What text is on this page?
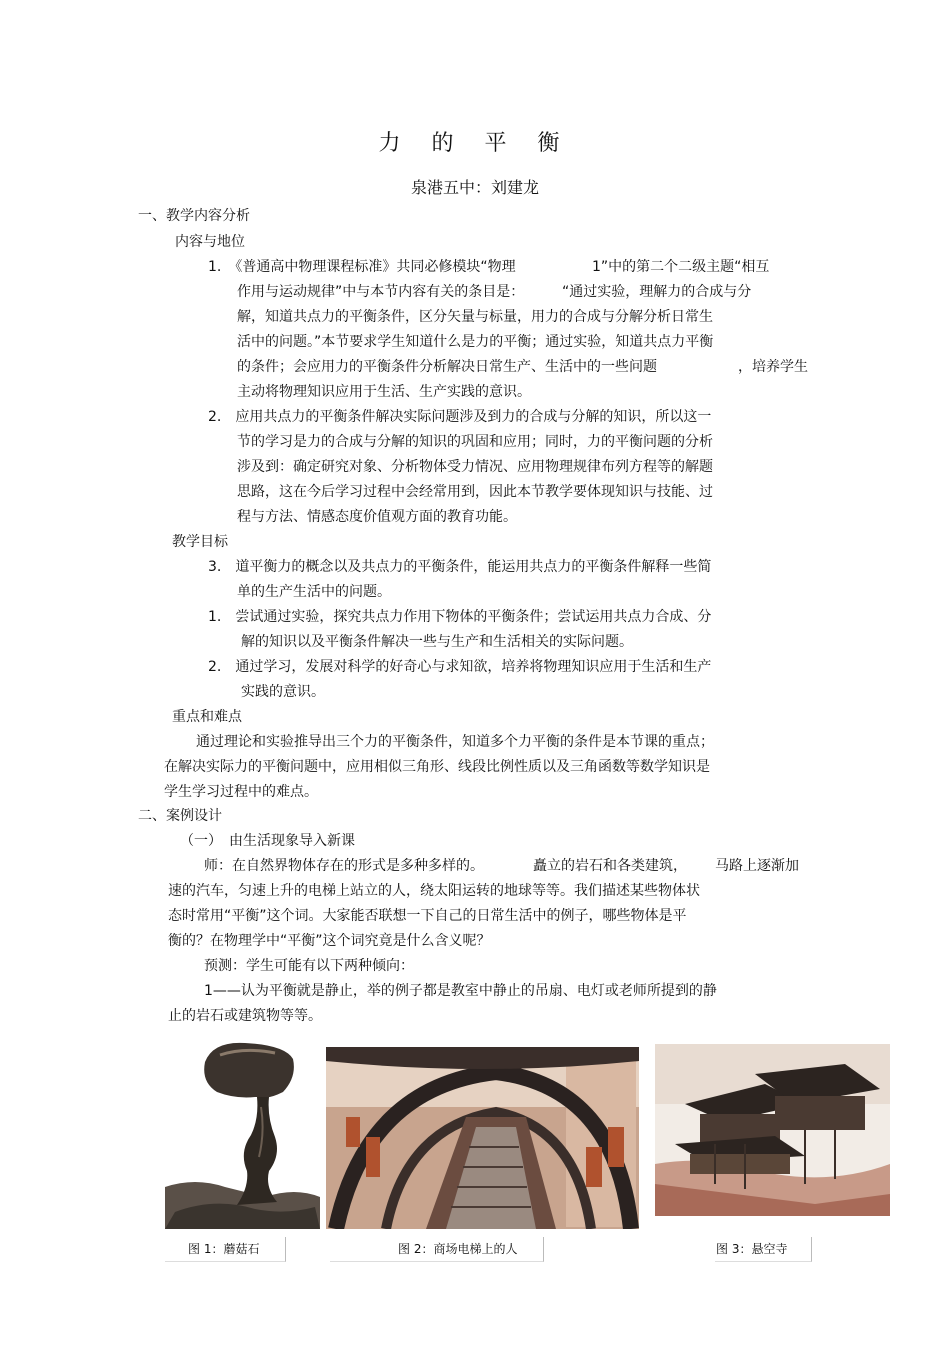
力 的 平 衡
泉港五中：刘建龙
一、教学内容分析
内容与地位
1.　《普通高中物理课程标准》共同必修模块“物理	1”中的第二个二级主题“相互
作用与运动规律”中与本节内容有关的条目是：	“通过实验，理解力的合成与分
解，知道共点力的平衡条件，区分矢量与标量，用力的合成与分解分析日常生
活中的问题。”本节要求学生知道什么是力的平衡；通过实验，知道共点力平衡
的条件；会应用力的平衡条件分析解决日常生产、生活中的一些问题	，培养学生
主动将物理知识应用于生活、生产实践的意识。
2.　应用共点力的平衡条件解决实际问题涉及到力的合成与分解的知识，所以这一
节的学习是力的合成与分解的知识的巩固和应用；同时，力的平衡问题的分析
涉及到：确定研究对象、分析物体受力情况、应用物理规律布列方程等的解题
思路，这在今后学习过程中会经常用到，因此本节教学要体现知识与技能、过
程与方法、情感态度价值观方面的教育功能。
教学目标
3.　道平衡力的概念以及共点力的平衡条件，能运用共点力的平衡条件解释一些简
单的生产生活中的问题。
1.　尝试通过实验，探究共点力作用下物体的平衡条件；尝试运用共点力合成、分
解的知识以及平衡条件解决一些与生产和生活相关的实际问题。
2.　通过学习，发展对科学的好奇心与求知欲，培养将物理知识应用于生活和生产
实践的意识。
重点和难点
通过理论和实验推导出三个力的平衡条件，知道多个力平衡的条件是本节课的重点；
在解决实际力的平衡问题中，应用相似三角形、线段比例性质以及三角函数等数学知识是
学生学习过程中的难点。
二、案例设计
（一）　由生活现象导入新课
师：在自然界物体存在的形式是多种多样的。	矗立的岩石和各类建筑， 马路上逐渐加
速的汽车，匀速上升的电梯上站立的人，绕太阳运转的地球等等。我们描述某些物体状
态时常用“平衡”这个词。大家能否联想一下自己的日常生活中的例子，哪些物体是平
衡的？在物理学中“平衡”这个词究竟是什么含义呢？
预测：学生可能有以下两种倾向：
1——认为平衡就是静止，举的例子都是教室中静止的吊扇、电灯或老师所提到的静
止的岩石或建筑物等等。
图 1：蘑菇石	图 2：商场电梯上的人	图 3：悬空寺
